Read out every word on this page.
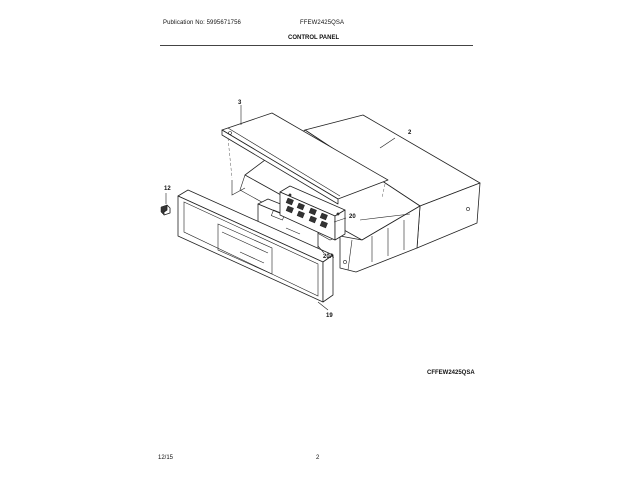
Publication No: 5995671756	FFEW2425QSA
CONTROL PANEL
3
2
12
20
20A
19
CFFEW2425QSA
12/15	2
